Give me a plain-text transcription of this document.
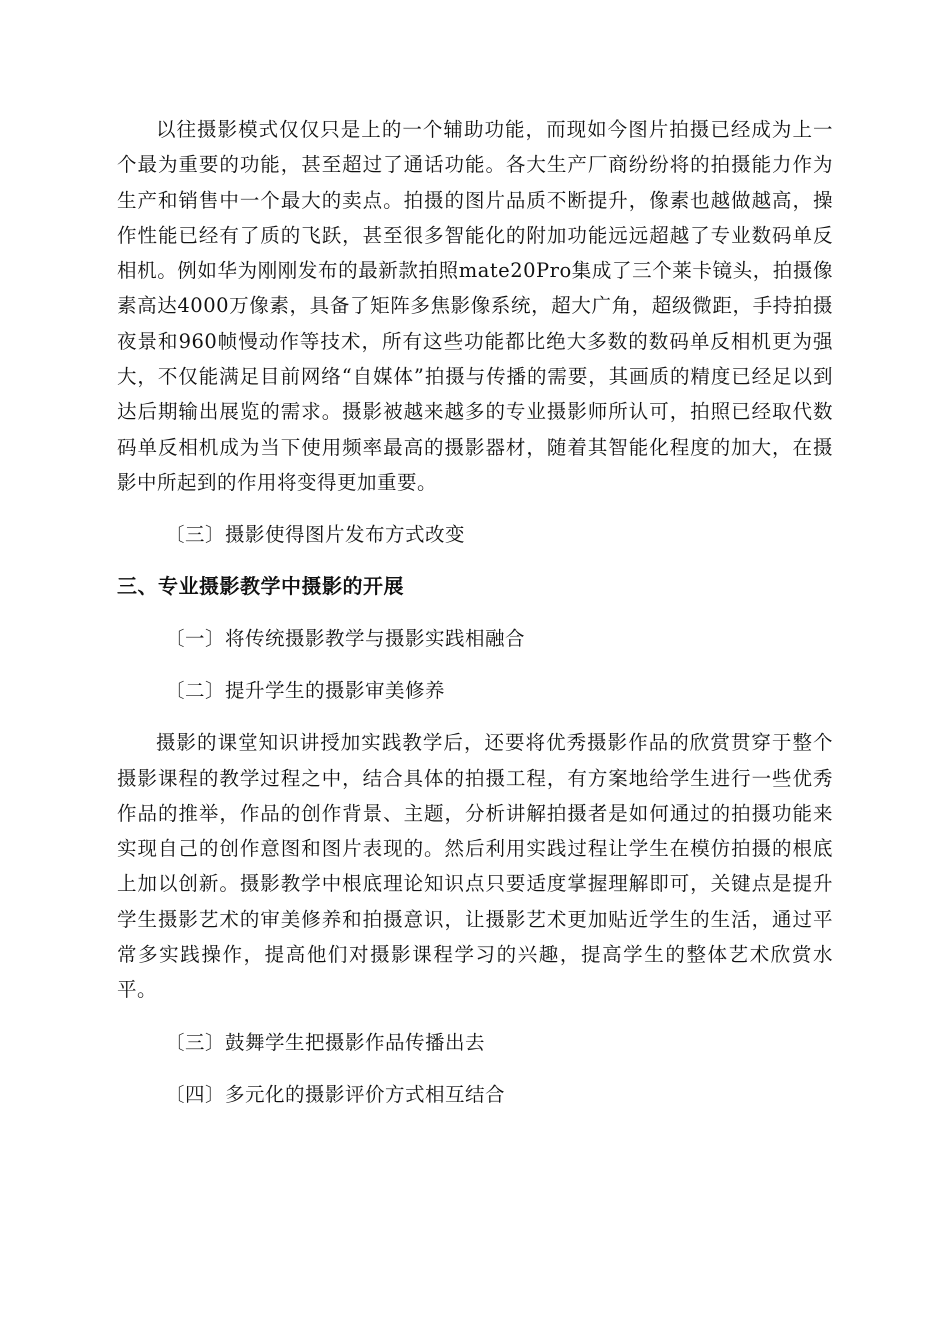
以往摄影模式仅仅只是上的一个辅助功能，而现如今图片拍摄已经成为上一个最为重要的功能，甚至超过了通话功能。各大生产厂商纷纷将的拍摄能力作为生产和销售中一个最大的卖点。拍摄的图片品质不断提升，像素也越做越高，操作性能已经有了质的飞跃，甚至很多智能化的附加功能远远超越了专业数码单反相机。例如华为刚刚发布的最新款拍照mate20Pro集成了三个莱卡镜头，拍摄像素高达4000万像素，具备了矩阵多焦影像系统，超大广角，超级微距，手持拍摄夜景和960帧慢动作等技术，所有这些功能都比绝大多数的数码单反相机更为强大，不仅能满足目前网络“自媒体”拍摄与传播的需要，其画质的精度已经足以到达后期输出展览的需求。摄影被越来越多的专业摄影师所认可，拍照已经取代数码单反相机成为当下使用频率最高的摄影器材，随着其智能化程度的加大，在摄影中所起到的作用将变得更加重要。

〔三〕摄影使得图片发布方式改变

三、专业摄影教学中摄影的开展

〔一〕将传统摄影教学与摄影实践相融合

〔二〕提升学生的摄影审美修养

摄影的课堂知识讲授加实践教学后，还要将优秀摄影作品的欣赏贯穿于整个摄影课程的教学过程之中，结合具体的拍摄工程，有方案地给学生进行一些优秀作品的推举，作品的创作背景、主题，分析讲解拍摄者是如何通过的拍摄功能来实现自己的创作意图和图片表现的。然后利用实践过程让学生在模仿拍摄的根底上加以创新。摄影教学中根底理论知识点只要适度掌握理解即可，关键点是提升学生摄影艺术的审美修养和拍摄意识，让摄影艺术更加贴近学生的生活，通过平常多实践操作，提高他们对摄影课程学习的兴趣，提高学生的整体艺术欣赏水平。

〔三〕鼓舞学生把摄影作品传播出去

〔四〕多元化的摄影评价方式相互结合
